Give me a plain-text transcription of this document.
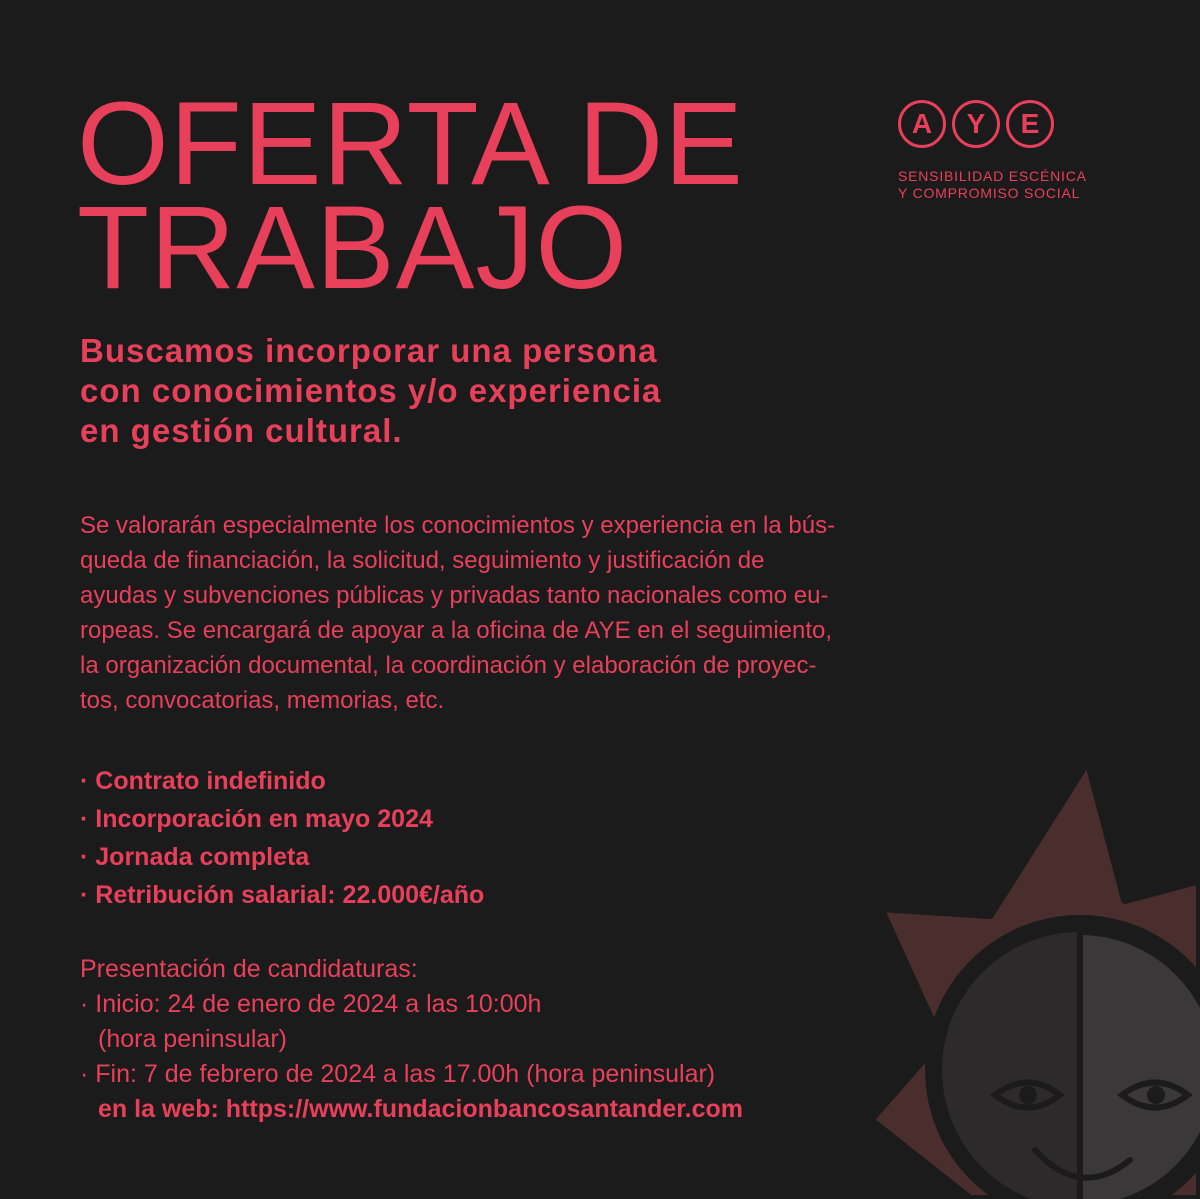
OFERTA DE
TRABAJO
A	Y	E
SENSIBILIDAD ESCÉNICA
Y COMPROMISO SOCIAL
Buscamos incorporar una persona
con conocimientos y/o experiencia
en gestión cultural.

Se valorarán especialmente los conocimientos y experiencia en la bús-
queda de financiación, la solicitud, seguimiento y justificación de
ayudas y subvenciones públicas y privadas tanto nacionales como eu-
ropeas. Se encargará de apoyar a la oficina de AYE en el seguimiento,
la organización documental, la coordinación y elaboración de proyec-
tos, convocatorias, memorias, etc.

· Contrato indefinido
· Incorporación en mayo 2024
· Jornada completa
· Retribución salarial: 22.000€/año
Presentación de candidaturas:
· Inicio: 24 de enero de 2024 a las 10:00h
(hora peninsular)
· Fin: 7 de febrero de 2024 a las 17.00h (hora peninsular)
en la web: https://www.fundacionbancosantander.com
